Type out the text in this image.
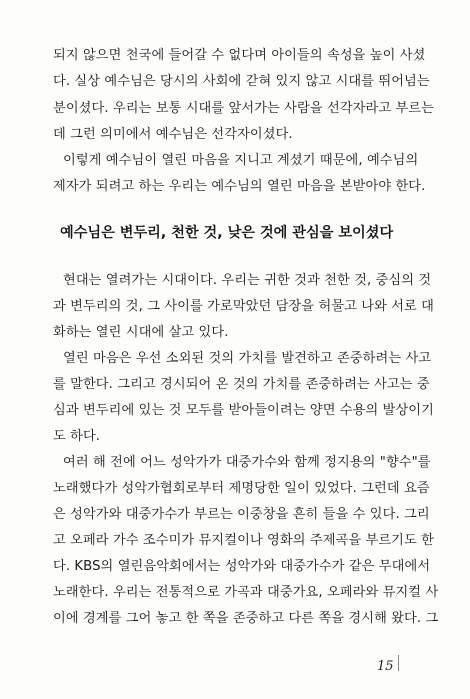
되지 않으면 천국에 들어갈 수 없다며 아이들의 속성을 높이 사셨
다. 실상 예수님은 당시의 사회에 갇혀 있지 않고 시대를 뛰어넘는
분이셨다. 우리는 보통 시대를 앞서가는 사람을 선각자라고 부르는
데 그런 의미에서 예수님은 선각자이셨다.
이렇게 예수님이 열린 마음을 지니고 계셨기 때문에, 예수님의
제자가 되려고 하는 우리는 예수님의 열린 마음을 본받아야 한다.
예수님은 변두리, 천한 것, 낮은 것에 관심을 보이셨다
현대는 열려가는 시대이다. 우리는 귀한 것과 천한 것, 중심의 것
과 변두리의 것, 그 사이를 가로막았던 담장을 허물고 나와 서로 대
화하는 열린 시대에 살고 있다.
열린 마음은 우선 소외된 것의 가치를 발견하고 존중하려는 사고
를 말한다. 그리고 경시되어 온 것의 가치를 존중하려는 사고는 중
심과 변두리에 있는 것 모두를 받아들이려는 양면 수용의 발상이기
도 하다.
여러 해 전에 어느 성악가가 대중가수와 함께 정지용의 "향수"를
노래했다가 성악가협회로부터 제명당한 일이 있었다. 그런데 요즘
은 성악가와 대중가수가 부르는 이중창을 흔히 들을 수 있다. 그리
고 오페라 가수 조수미가 뮤지컬이나 영화의 주제곡을 부르기도 한
다. KBS의 열린음악회에서는 성악가와 대중가수가 같은 무대에서
노래한다. 우리는 전통적으로 가곡과 대중가요, 오페라와 뮤지컬 사
이에 경계를 그어 놓고 한 쪽을 존중하고 다른 쪽을 경시해 왔다. 그
15
